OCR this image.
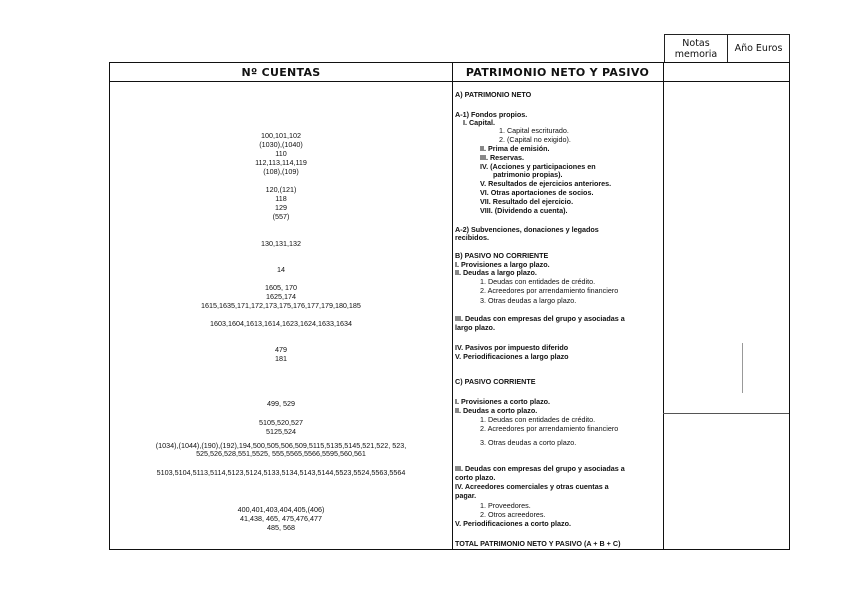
Notas memoria	Año Euros
Nº CUENTAS	PATRIMONIO NETO Y PASIVO
100,101,102
(1030),(1040)
110
112,113,114,119
(108),(109)
120,(121)
118
129
(557)
130,131,132
14
1605, 170
1625,174
1615,1635,171,172,173,175,176,177,179,180,185
1603,1604,1613,1614,1623,1624,1633,1634
479
181
499, 529
5105,520,527
5125,524
(1034),(1044),(190),(192),194,500,505,506,509,5115,5135,5145,521,522, 523,
525,526,528,551,5525, 555,5565,5566,5595,560,561
5103,5104,5113,5114,5123,5124,5133,5134,5143,5144,5523,5524,5563,5564
400,401,403,404,405,(406)
41,438, 465, 475,476,477
485, 568
A) PATRIMONIO NETO
A-1) Fondos propios.
I. Capital.
1. Capital escriturado.
2. (Capital no exigido).
II. Prima de emisión.
III. Reservas.
IV. (Acciones y participaciones en
patrimonio propias).
V. Resultados de ejercicios anteriores.
VI. Otras aportaciones de socios.
VII. Resultado del ejercicio.
VIII. (Dividendo a cuenta).
A-2) Subvenciones, donaciones y legados
recibidos.
B) PASIVO NO CORRIENTE
I. Provisiones a largo plazo.
II. Deudas a largo plazo.
1. Deudas con entidades de crédito.
2. Acreedores por arrendamiento financiero
3. Otras deudas a largo plazo.
III. Deudas con empresas del grupo y asociadas a
largo plazo.
IV. Pasivos por impuesto diferido
V. Periodificaciones a largo plazo
C) PASIVO CORRIENTE
I. Provisiones a corto plazo.
II. Deudas a corto plazo.
1. Deudas con entidades de crédito.
2. Acreedores por arrendamiento financiero
3. Otras deudas a corto plazo.
III. Deudas con empresas del grupo y asociadas a
corto plazo.
IV. Acreedores comerciales y otras cuentas a
pagar.
1. Proveedores.
2. Otros acreedores.
V. Periodificaciones a corto plazo.
TOTAL PATRIMONIO NETO Y PASIVO (A + B + C)
